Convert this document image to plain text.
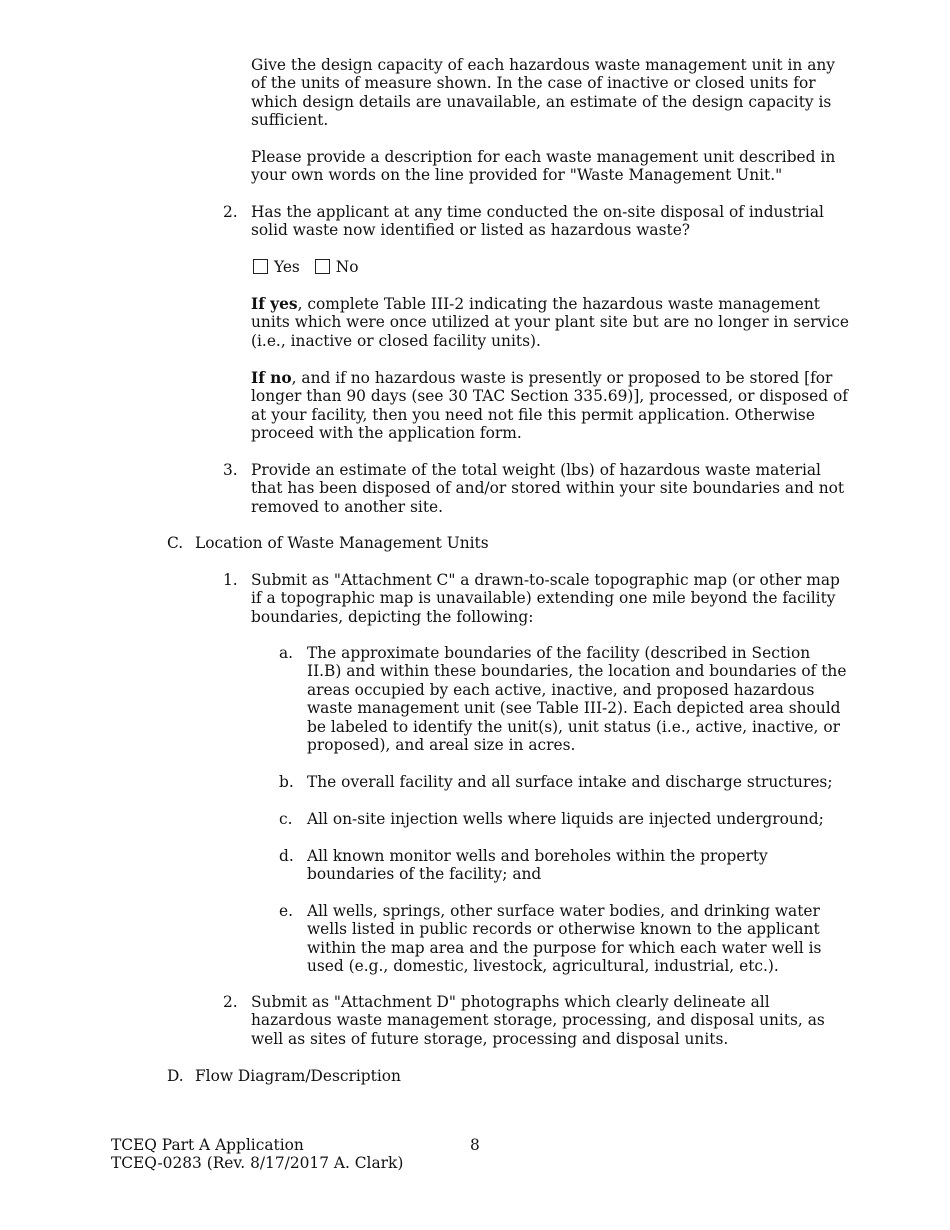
Give the design capacity of each hazardous waste management unit in any of the units of measure shown. In the case of inactive or closed units for which design details are unavailable, an estimate of the design capacity is sufficient.
Please provide a description for each waste management unit described in your own words on the line provided for "Waste Management Unit."
2. Has the applicant at any time conducted the on-site disposal of industrial solid waste now identified or listed as hazardous waste?
Yes No
If yes, complete Table III-2 indicating the hazardous waste management units which were once utilized at your plant site but are no longer in service (i.e., inactive or closed facility units).
If no, and if no hazardous waste is presently or proposed to be stored [for longer than 90 days (see 30 TAC Section 335.69)], processed, or disposed of at your facility, then you need not file this permit application. Otherwise proceed with the application form.
3. Provide an estimate of the total weight (lbs) of hazardous waste material that has been disposed of and/or stored within your site boundaries and not removed to another site.
C. Location of Waste Management Units
1. Submit as "Attachment C" a drawn-to-scale topographic map (or other map if a topographic map is unavailable) extending one mile beyond the facility boundaries, depicting the following:
a. The approximate boundaries of the facility (described in Section II.B) and within these boundaries, the location and boundaries of the areas occupied by each active, inactive, and proposed hazardous waste management unit (see Table III-2). Each depicted area should be labeled to identify the unit(s), unit status (i.e., active, inactive, or proposed), and areal size in acres.
b. The overall facility and all surface intake and discharge structures;
c. All on-site injection wells where liquids are injected underground;
d. All known monitor wells and boreholes within the property boundaries of the facility; and
e. All wells, springs, other surface water bodies, and drinking water wells listed in public records or otherwise known to the applicant within the map area and the purpose for which each water well is used (e.g., domestic, livestock, agricultural, industrial, etc.).
2. Submit as "Attachment D" photographs which clearly delineate all hazardous waste management storage, processing, and disposal units, as well as sites of future storage, processing and disposal units.
D. Flow Diagram/Description
TCEQ Part A Application	8
TCEQ-0283 (Rev. 8/17/2017 A. Clark)
